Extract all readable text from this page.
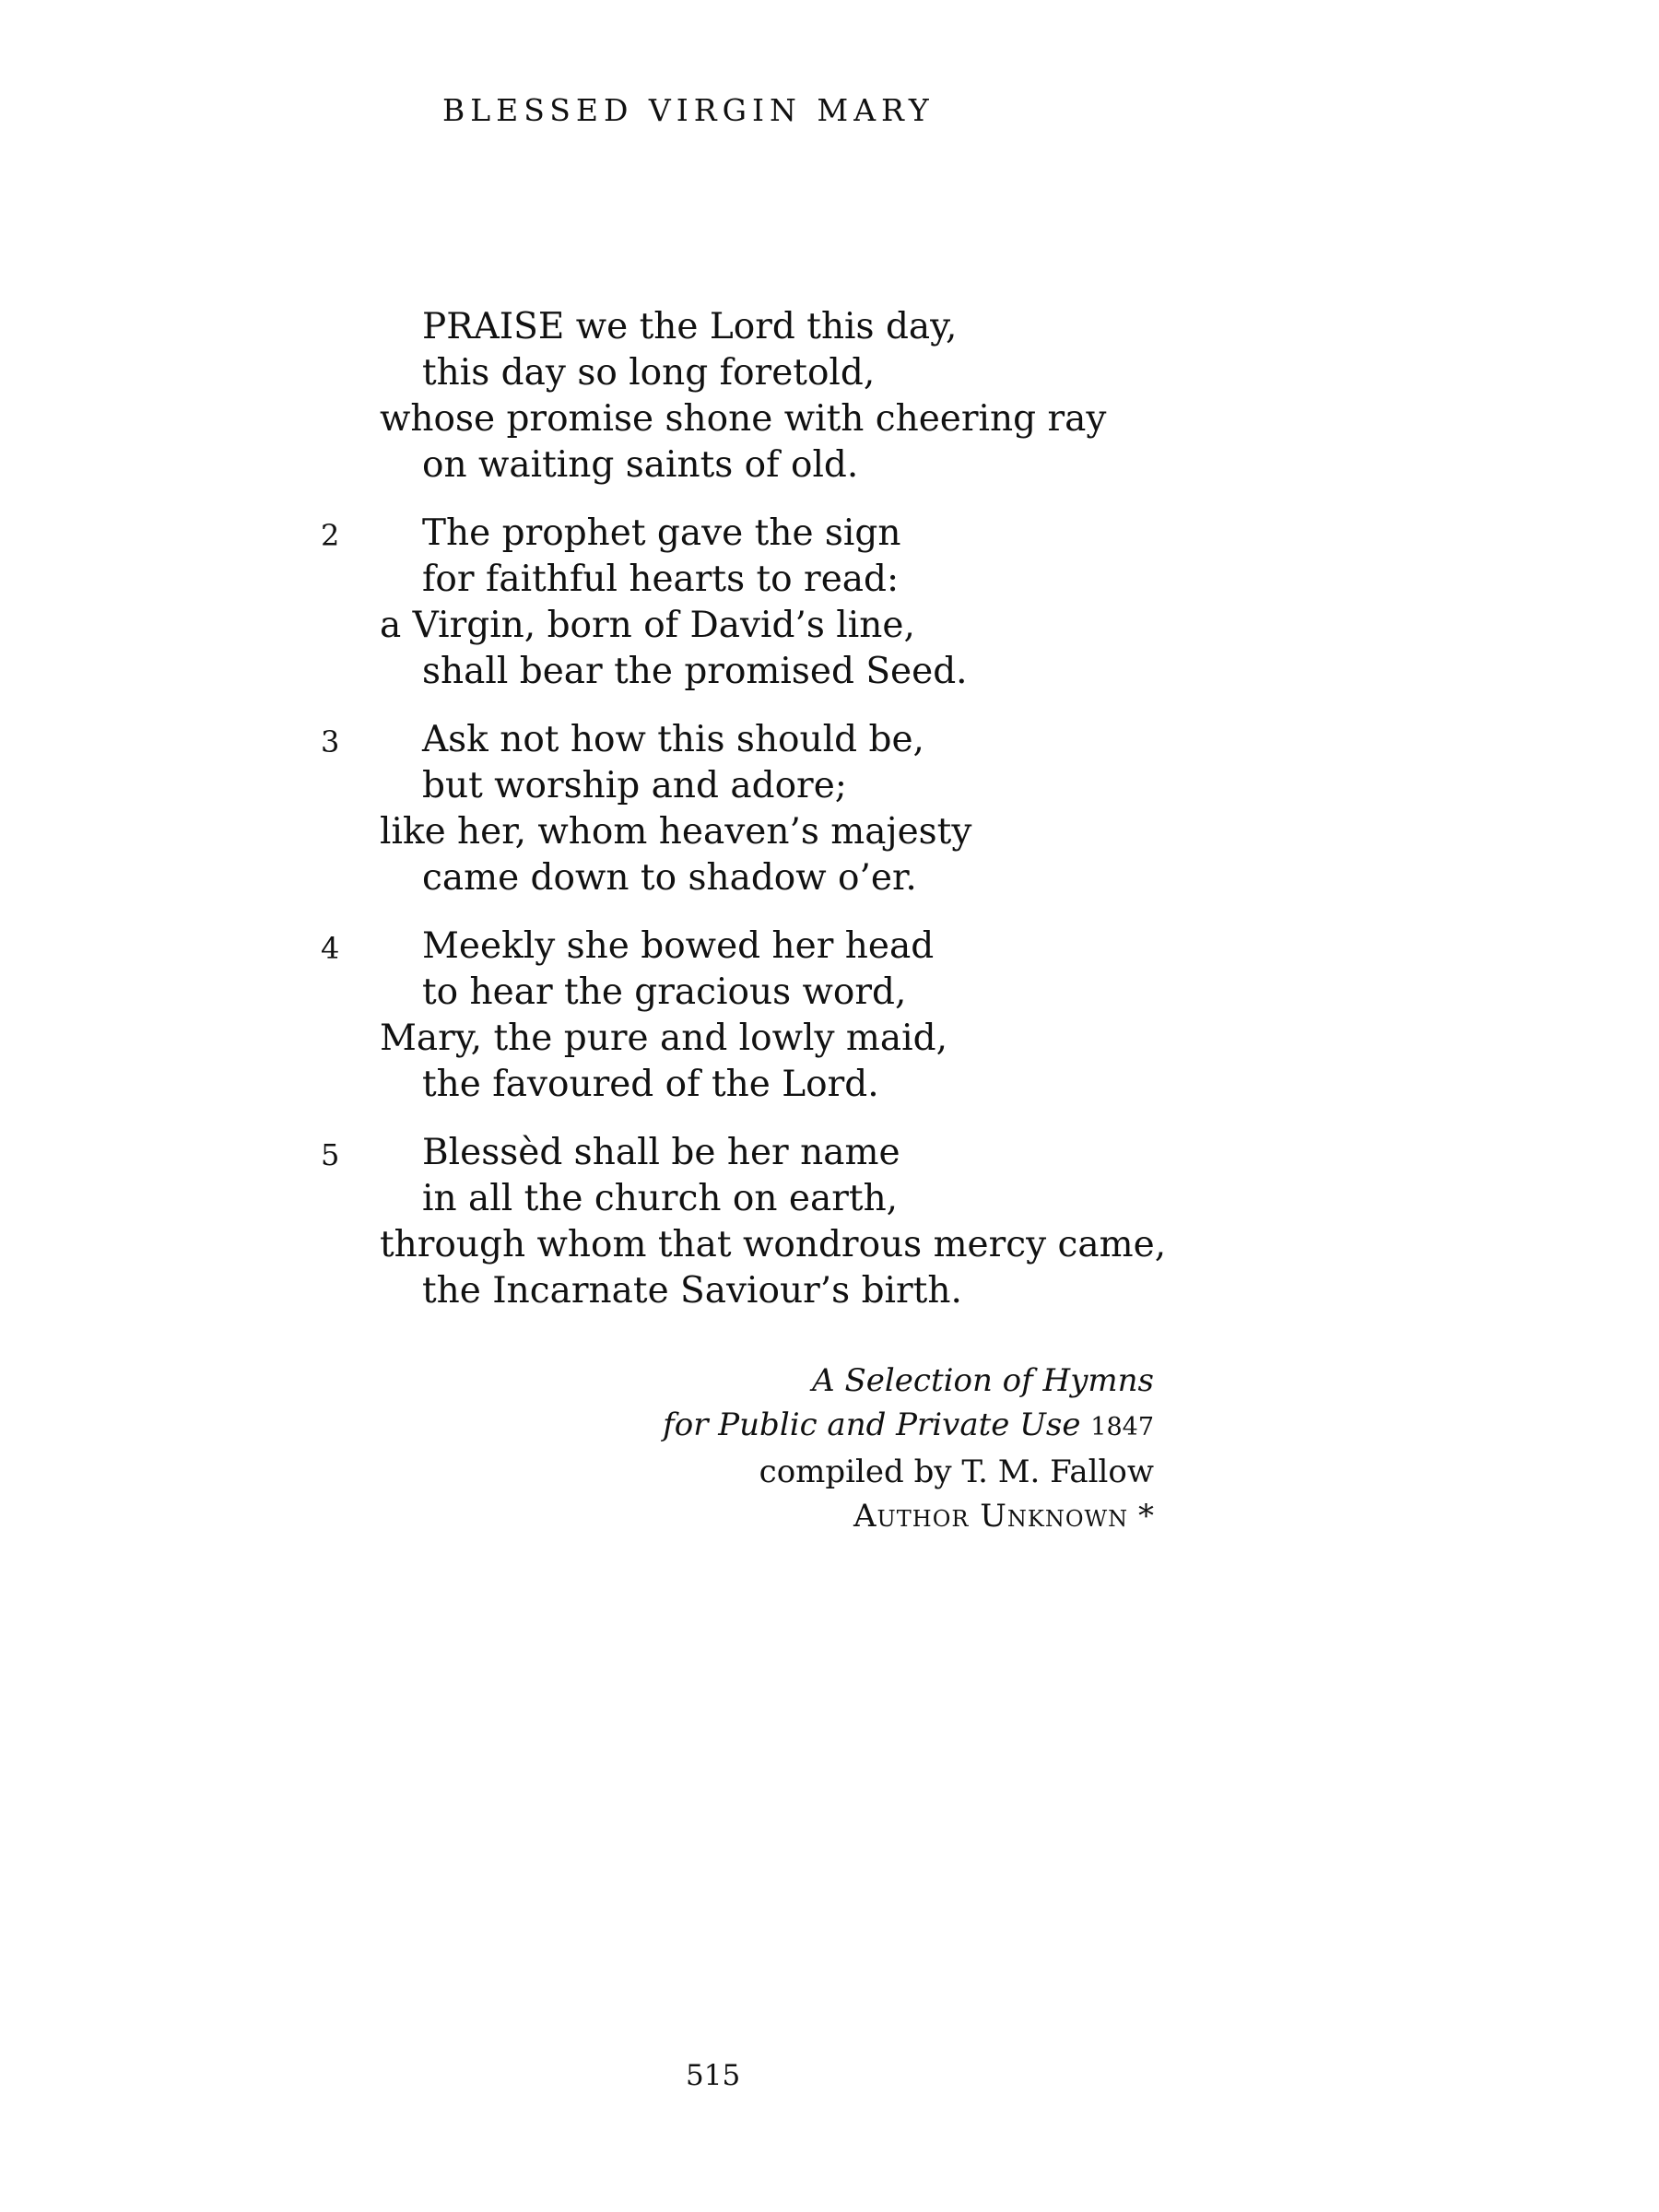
BLESSED VIRGIN MARY
PRAISE we the Lord this day,
this day so long foretold,
whose promise shone with cheering ray
on waiting saints of old.
2 The prophet gave the sign
for faithful hearts to read:
a Virgin, born of David’s line,
shall bear the promised Seed.
3 Ask not how this should be,
but worship and adore;
like her, whom heaven’s majesty
came down to shadow o’er.
4 Meekly she bowed her head
to hear the gracious word,
Mary, the pure and lowly maid,
the favoured of the Lord.
5 Blessèd shall be her name
in all the church on earth,
through whom that wondrous mercy came,
the Incarnate Saviour’s birth.
A Selection of Hymns
for Public and Private Use 1847
compiled by T. M. Fallow
Author Unknown *
515
